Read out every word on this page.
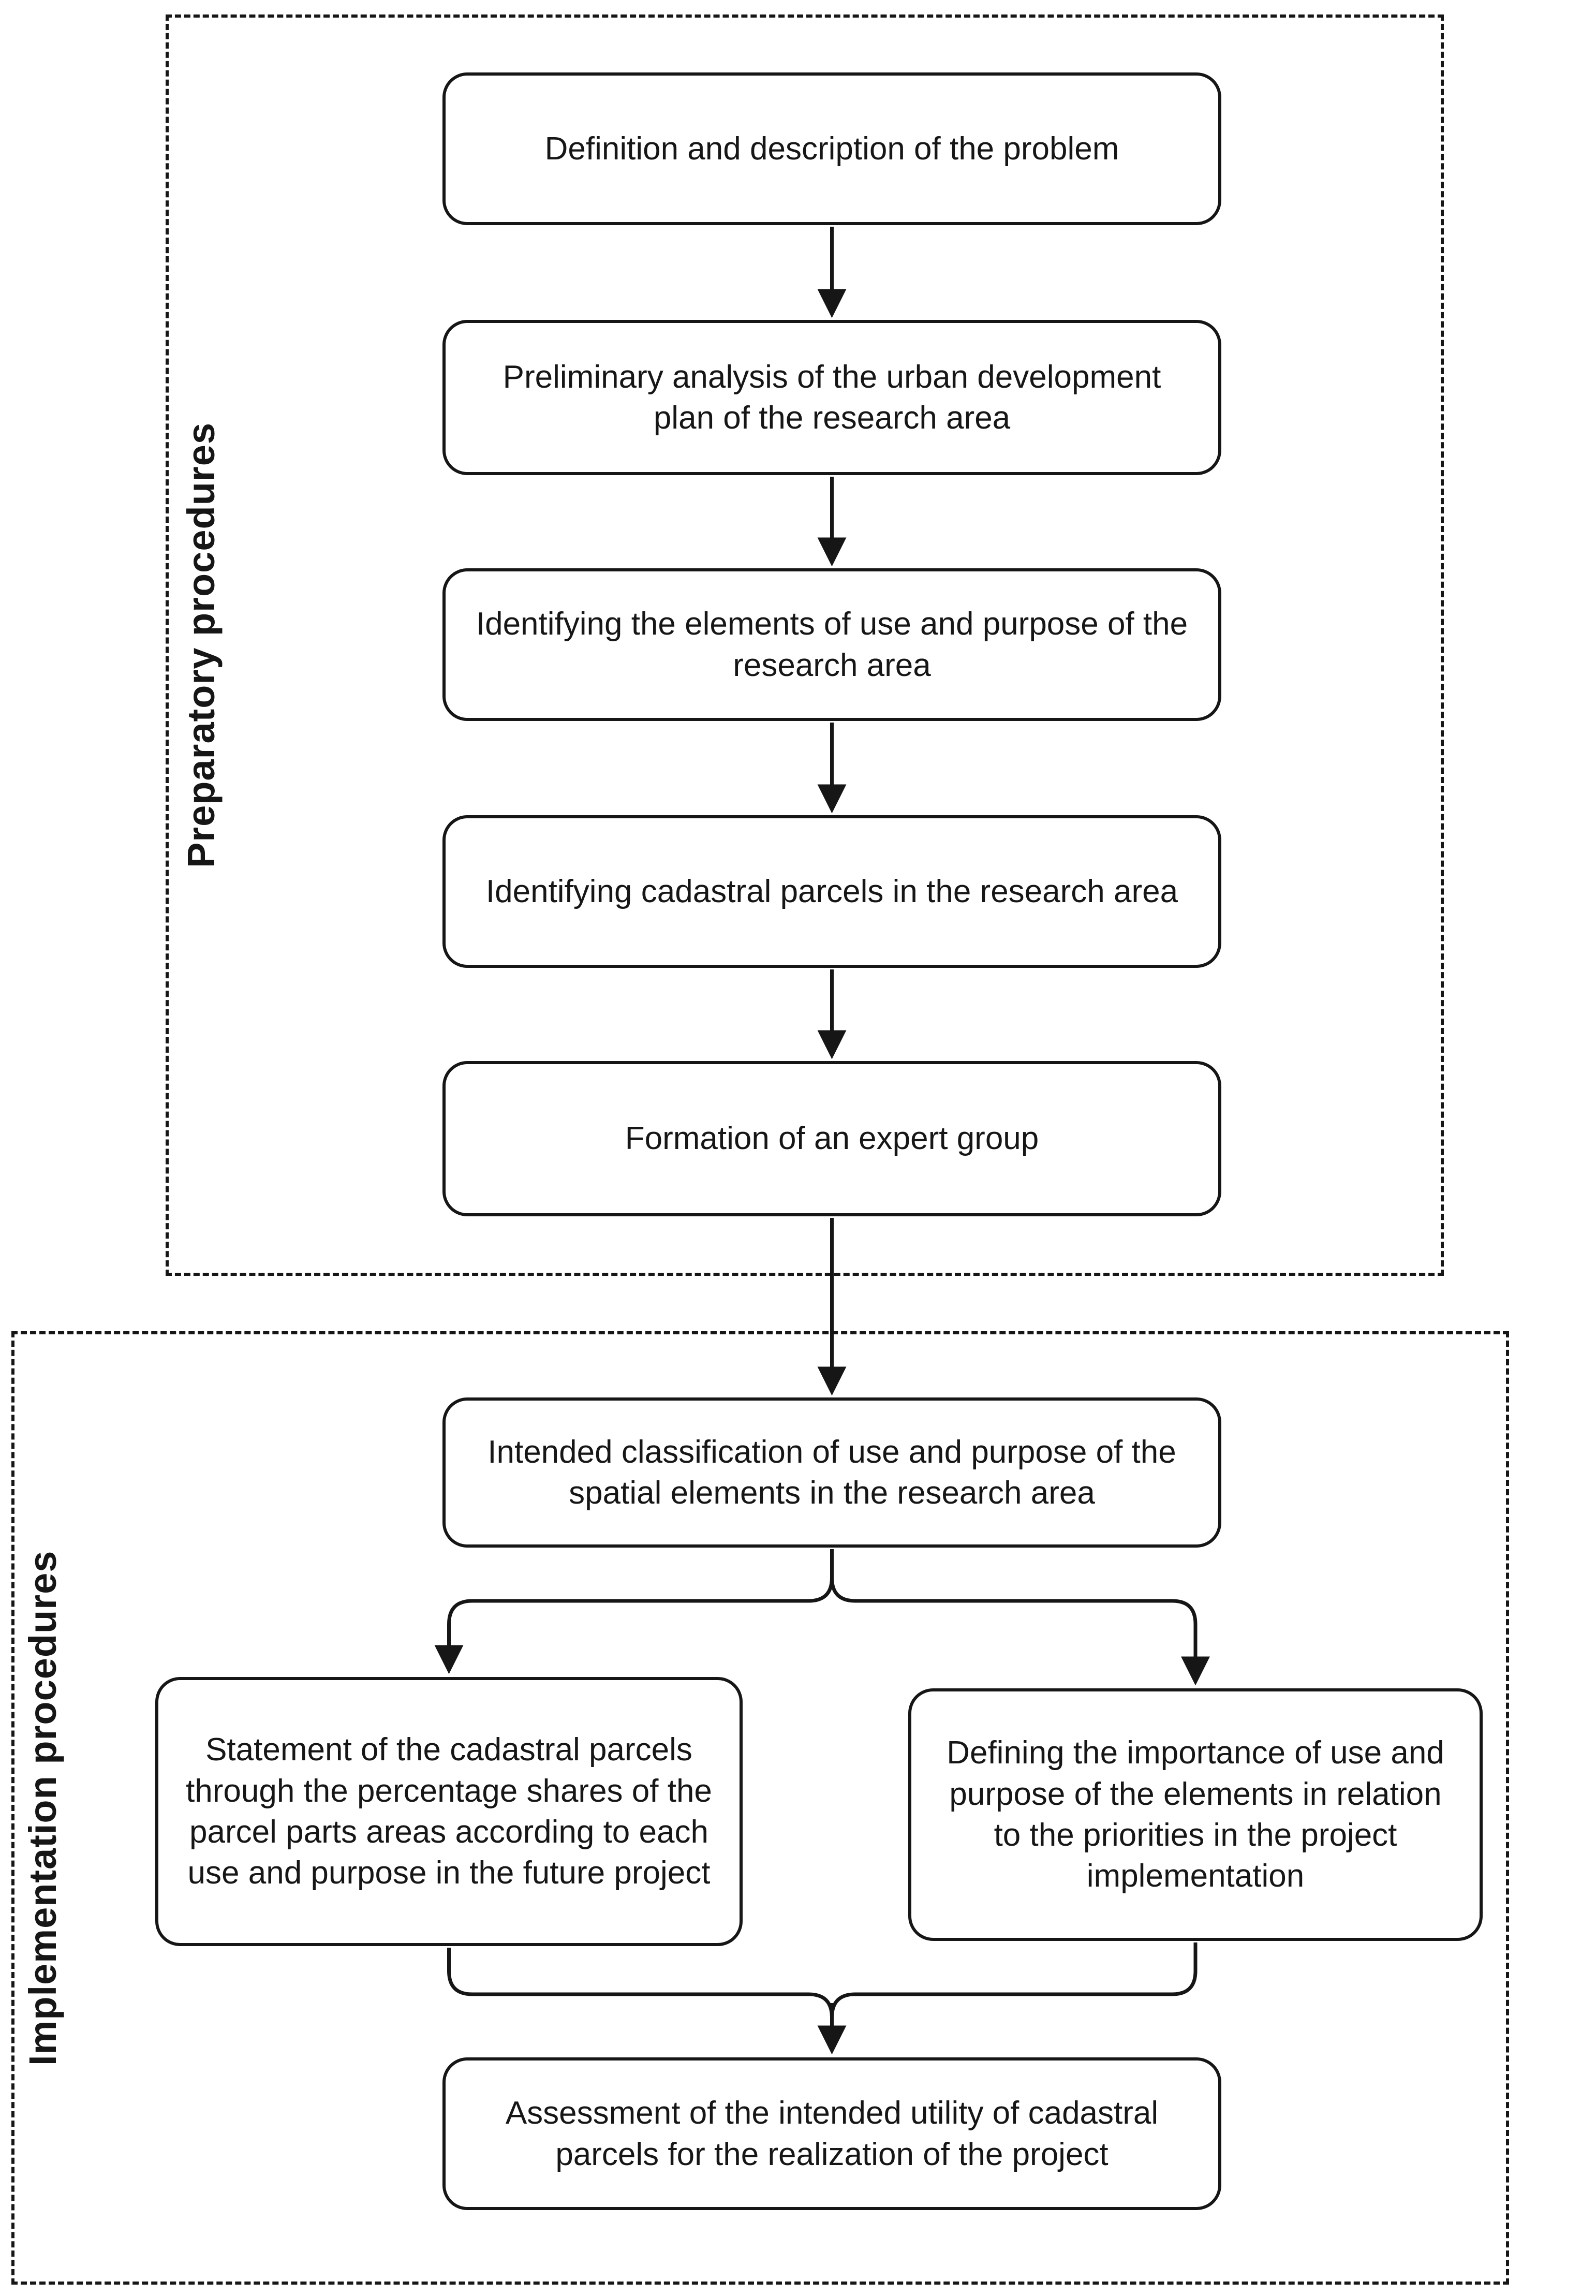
Preparatory procedures
Implementation procedures
Definition and description of the problem
Preliminary analysis of the urban development plan of the research area
Identifying the elements of use and purpose of the research area
Identifying cadastral parcels in the research area
Formation of an expert group
Intended classification of use and purpose of the spatial elements in the research area
Statement of the cadastral parcels through the percentage shares of the parcel parts areas according to each use and purpose in the future project
Defining the importance of use and purpose of the elements in relation to the priorities in the project implementation
Assessment of the intended utility of cadastral parcels for the realization of the project
